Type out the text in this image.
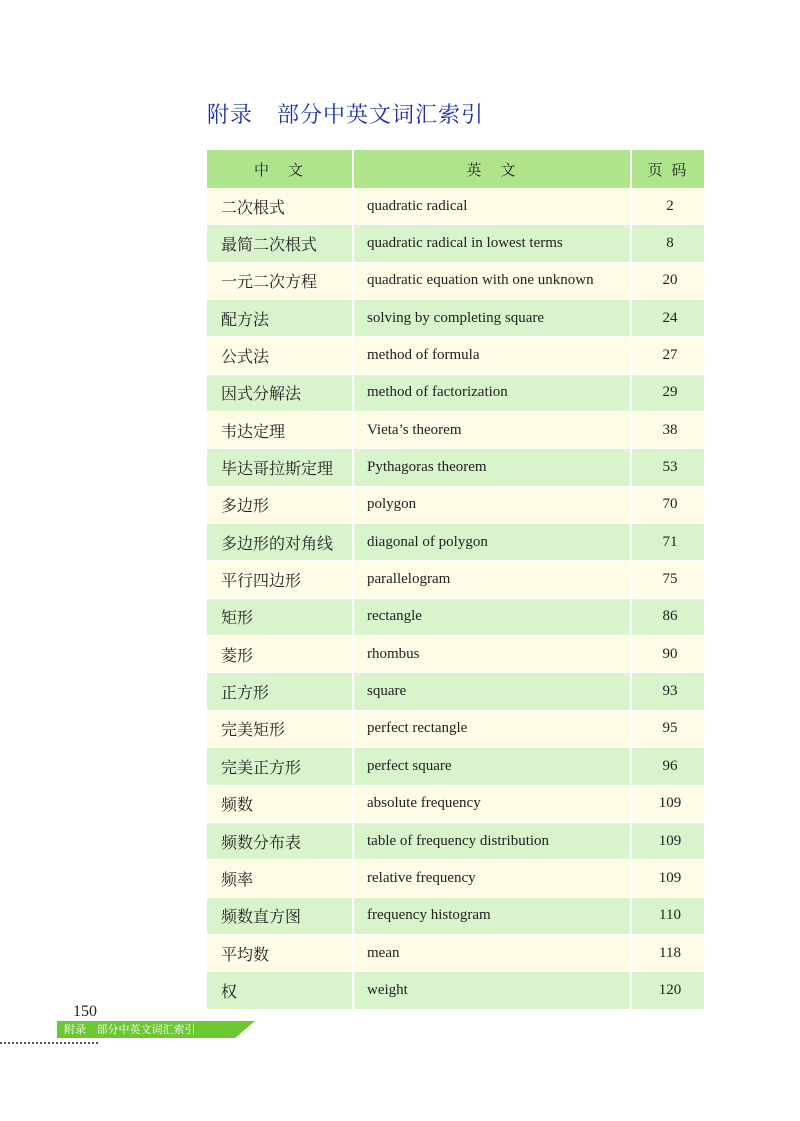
附录   部分中英文词汇索引
中　文	英　文	页 码
二次根式	quadratic radical	2
最简二次根式	quadratic radical in lowest terms	8
一元二次方程	quadratic equation with one unknown	20
配方法	solving by completing square	24
公式法	method of formula	27
因式分解法	method of factorization	29
韦达定理	Vieta’s theorem	38
毕达哥拉斯定理	Pythagoras theorem	53
多边形	polygon	70
多边形的对角线	diagonal of polygon	71
平行四边形	parallelogram	75
矩形	rectangle	86
菱形	rhombus	90
正方形	square	93
完美矩形	perfect rectangle	95
完美正方形	perfect square	96
频数	absolute frequency	109
频数分布表	table of frequency distribution	109
频率	relative frequency	109
频数直方图	frequency histogram	110
平均数	mean	118
权	weight	120
150
附录   部分中英文词汇索引
